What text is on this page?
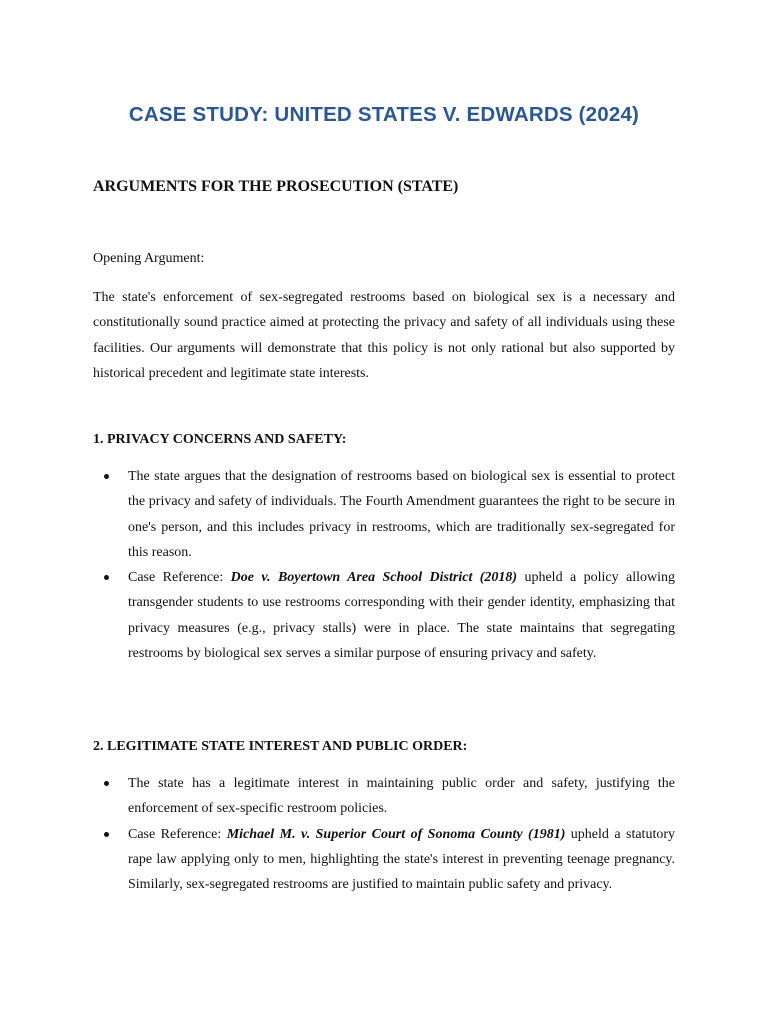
CASE STUDY: UNITED STATES V. EDWARDS (2024)
ARGUMENTS FOR THE PROSECUTION (STATE)
Opening Argument:

The state's enforcement of sex-segregated restrooms based on biological sex is a necessary and constitutionally sound practice aimed at protecting the privacy and safety of all individuals using these facilities. Our arguments will demonstrate that this policy is not only rational but also supported by historical precedent and legitimate state interests.

1. PRIVACY CONCERNS AND SAFETY:
The state argues that the designation of restrooms based on biological sex is essential to protect the privacy and safety of individuals. The Fourth Amendment guarantees the right to be secure in one's person, and this includes privacy in restrooms, which are traditionally sex-segregated for this reason.
Case Reference: Doe v. Boyertown Area School District (2018) upheld a policy allowing transgender students to use restrooms corresponding with their gender identity, emphasizing that privacy measures (e.g., privacy stalls) were in place. The state maintains that segregating restrooms by biological sex serves a similar purpose of ensuring privacy and safety.
2. LEGITIMATE STATE INTEREST AND PUBLIC ORDER:
The state has a legitimate interest in maintaining public order and safety, justifying the enforcement of sex-specific restroom policies.
Case Reference: Michael M. v. Superior Court of Sonoma County (1981) upheld a statutory rape law applying only to men, highlighting the state's interest in preventing teenage pregnancy. Similarly, sex-segregated restrooms are justified to maintain public safety and privacy.
